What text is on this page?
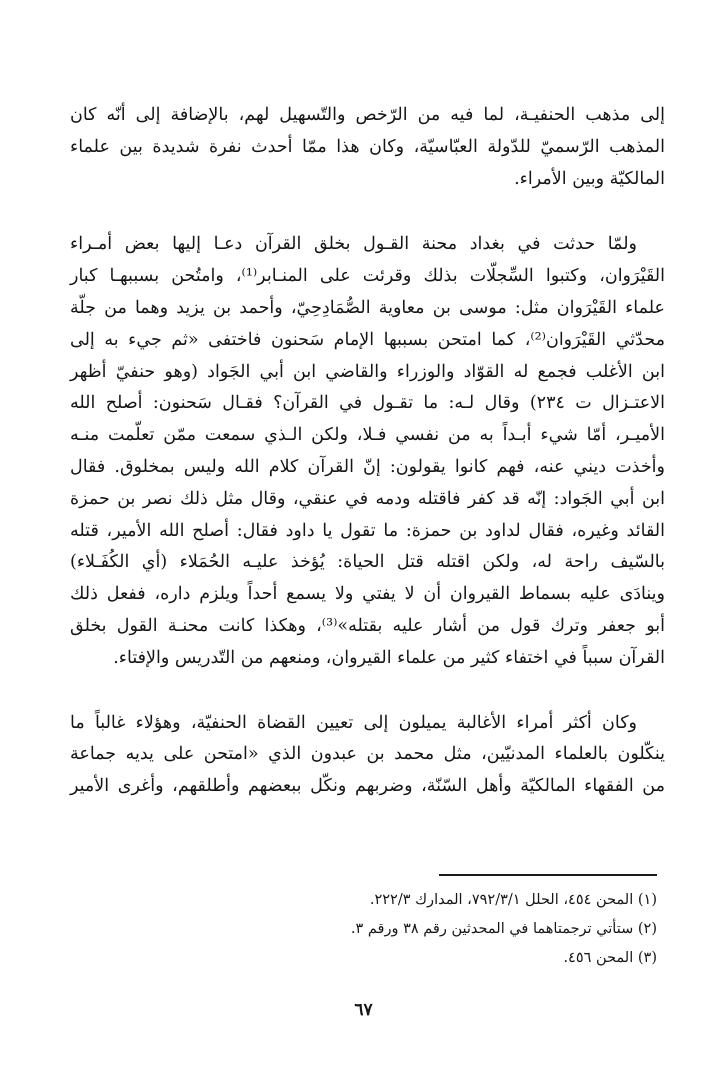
إلى مذهب الحنفيـة، لما فيه من الرّخص والتّسهيل لهم، بالإضافة إلى أنّه كان
المذهب الرّسميّ للدّولة العبّاسيّة، وكان هذا ممّا أحدث نفرة شديدة بين علماء
المالكيّة وبين الأمراء.

ولمّا حدثت في بغداد محنة القـول بخلق القرآن دعـا إليها بعض أمـراء
القَيْرَوان، وكتبوا السِّجلّات بذلك وقرئت على المنـابر⁽¹⁾، وامتُحن بسببهـا كبار
علماء القَيْرَوان مثل: موسى بن معاوية الصُّمَادِحِيّ، وأحمد بن يزيد وهما من جلّة
محدّثي القَيْرَوان⁽²⁾، كما امتحن بسببها الإمام سَحنون فاختفى «ثم جيء به إلى
ابن الأغلب فجمع له القوّاد والوزراء والقاضي ابن أبي الجَواد (وهو حنفيّ أظهر
الاعتـزال ت ٢٣٤) وقال لـه: ما تقـول في القرآن؟ فقـال سَحنون: أصلح الله
الأميـر، أمّا شيء أبـداً به من نفسي فـلا، ولكن الـذي سمعت ممّن تعلّمت منـه
وأخذت ديني عنه، فهم كانوا يقولون: إنّ القرآن كلام الله وليس بمخلوق. فقال
ابن أبي الجَواد: إنّه قد كفر فاقتله ودمه في عنقي، وقال مثل ذلك نصر بن حمزة
القائد وغيره، فقال لداود بن حمزة: ما تقول يا داود فقال: أصلح الله الأمير، قتله
بالسّيف راحة له، ولكن اقتله قتل الحياة: يُؤخذ عليـه الحُمَلاء (أي الكُفَـلاء)
وينادَى عليه بسماط القيروان أن لا يفتي ولا يسمع أحداً ويلزم داره، ففعل ذلك
أبو جعفر وترك قول من أشار عليه بقتله»⁽³⁾، وهكذا كانت محنـة القول بخلق
القرآن سبباً في اختفاء كثير من علماء القيروان، ومنعهم من التّدريس والإفتاء.

وكان أكثر أمراء الأغالبة يميلون إلى تعيين القضاة الحنفيّة، وهؤلاء غالباً ما
ينكّلون بالعلماء المدنيّين، مثل محمد بن عبدون الذي «امتحن على يديه جماعة
من الفقهاء المالكيّة وأهل السّنّة، وضربهم ونكّل ببعضهم وأطلقهم، وأغرى الأمير

(١) المحن ٤٥٤، الحلل ٧٩٢/٣/١، المدارك ٢٢٢/٣.
(٢) ستأتي ترجمتاهما في المحدثين رقم ٣٨ ورقم ٣.
(٣) المحن ٤٥٦.
٦٧
